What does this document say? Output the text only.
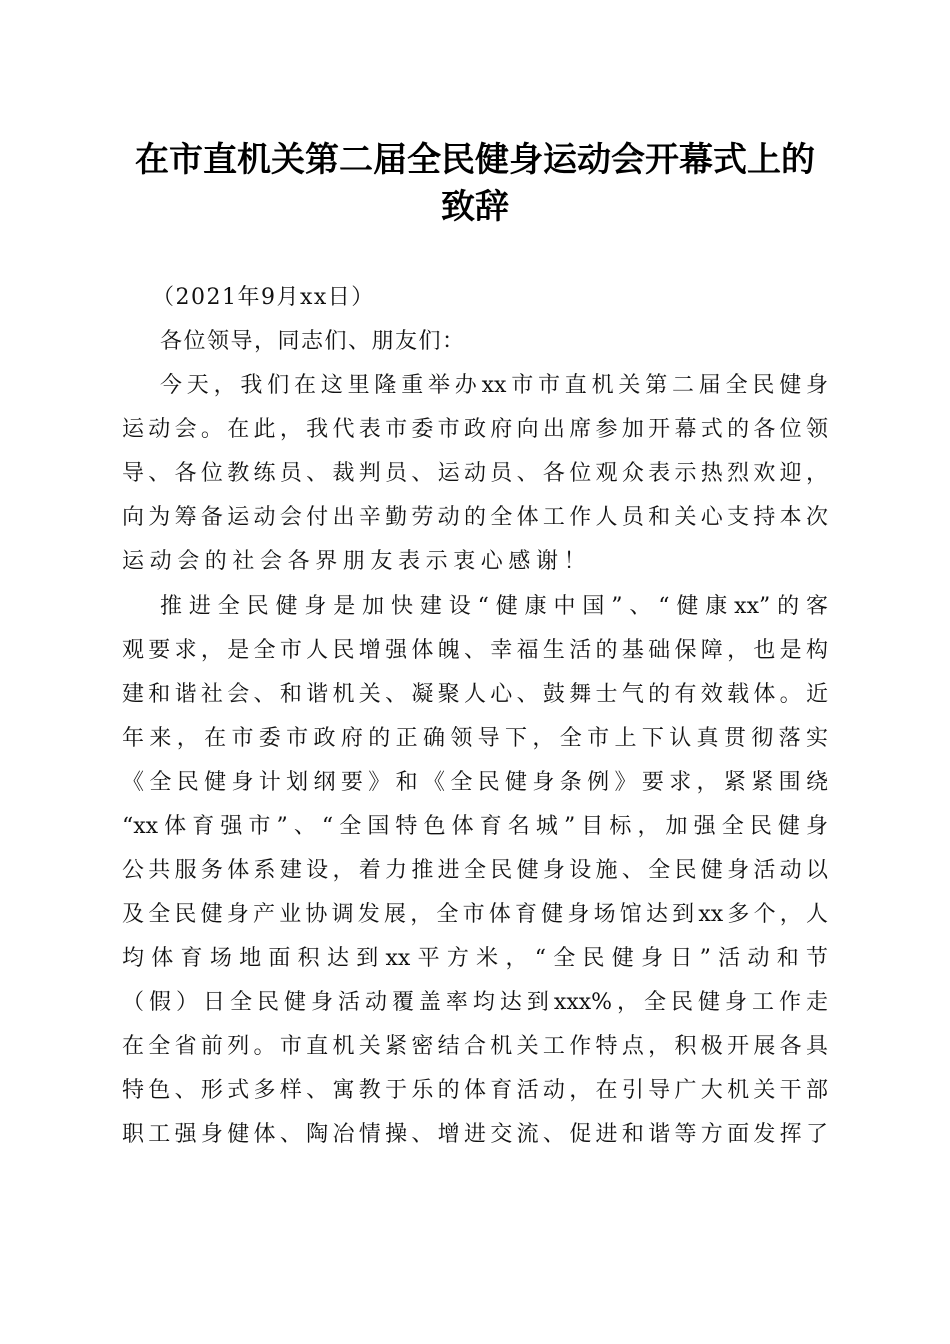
在市直机关第二届全民健身运动会开幕式上的
致辞
（2021年9月xx日）
各位领导，同志们、朋友们：
今天，我们在这里隆重举办xx市市直机关第二届全民健身
运动会。在此，我代表市委市政府向出席参加开幕式的各位领
导、各位教练员、裁判员、运动员、各位观众表示热烈欢迎，
向为筹备运动会付出辛勤劳动的全体工作人员和关心支持本次
运动会的社会各界朋友表示衷心感谢！
推进全民健身是加快建设“健康中国”、“健康xx”的客
观要求，是全市人民增强体魄、幸福生活的基础保障，也是构
建和谐社会、和谐机关、凝聚人心、鼓舞士气的有效载体。近
年来，在市委市政府的正确领导下，全市上下认真贯彻落实
《全民健身计划纲要》和《全民健身条例》要求，紧紧围绕
“xx体育强市”、“全国特色体育名城”目标，加强全民健身
公共服务体系建设，着力推进全民健身设施、全民健身活动以
及全民健身产业协调发展，全市体育健身场馆达到xx多个，人
均体育场地面积达到xx平方米，“全民健身日”活动和节
（假）日全民健身活动覆盖率均达到xxx%，全民健身工作走
在全省前列。市直机关紧密结合机关工作特点，积极开展各具
特色、形式多样、寓教于乐的体育活动，在引导广大机关干部
职工强身健体、陶冶情操、增进交流、促进和谐等方面发挥了
